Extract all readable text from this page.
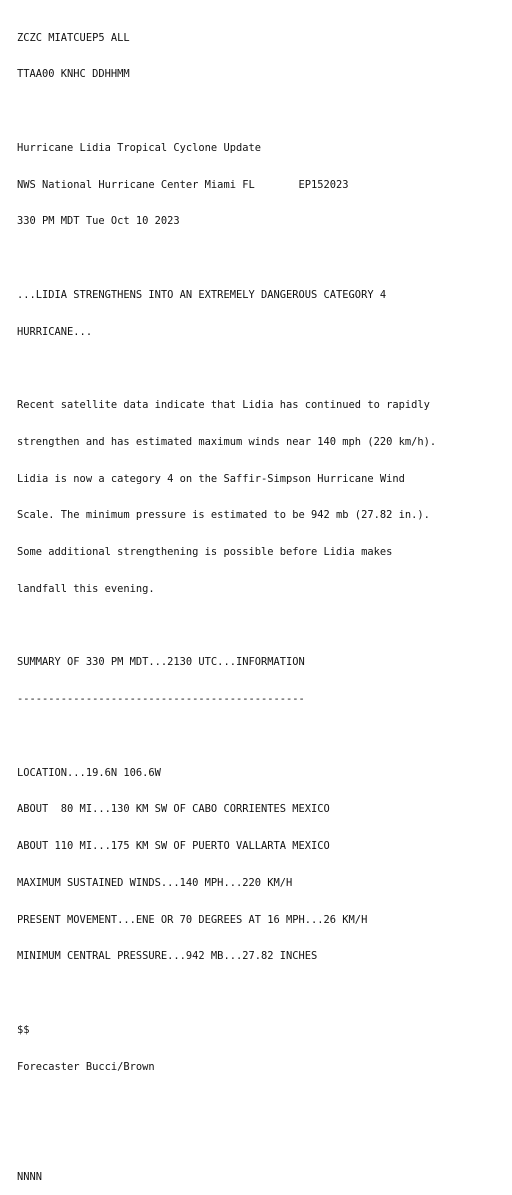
ZCZC MIATCUEP5 ALL

TTAA00 KNHC DDHHMM

Hurricane Lidia Tropical Cyclone Update

NWS National Hurricane Center Miami FL       EP152023

330 PM MDT Tue Oct 10 2023

...LIDIA STRENGTHENS INTO AN EXTREMELY DANGEROUS CATEGORY 4

HURRICANE...

Recent satellite data indicate that Lidia has continued to rapidly

strengthen and has estimated maximum winds near 140 mph (220 km/h).

Lidia is now a category 4 on the Saffir-Simpson Hurricane Wind

Scale. The minimum pressure is estimated to be 942 mb (27.82 in.).

Some additional strengthening is possible before Lidia makes

landfall this evening.

SUMMARY OF 330 PM MDT...2130 UTC...INFORMATION

----------------------------------------------

LOCATION...19.6N 106.6W

ABOUT  80 MI...130 KM SW OF CABO CORRIENTES MEXICO

ABOUT 110 MI...175 KM SW OF PUERTO VALLARTA MEXICO

MAXIMUM SUSTAINED WINDS...140 MPH...220 KM/H

PRESENT MOVEMENT...ENE OR 70 DEGREES AT 16 MPH...26 KM/H

MINIMUM CENTRAL PRESSURE...942 MB...27.82 INCHES

$$

Forecaster Bucci/Brown

NNNN
